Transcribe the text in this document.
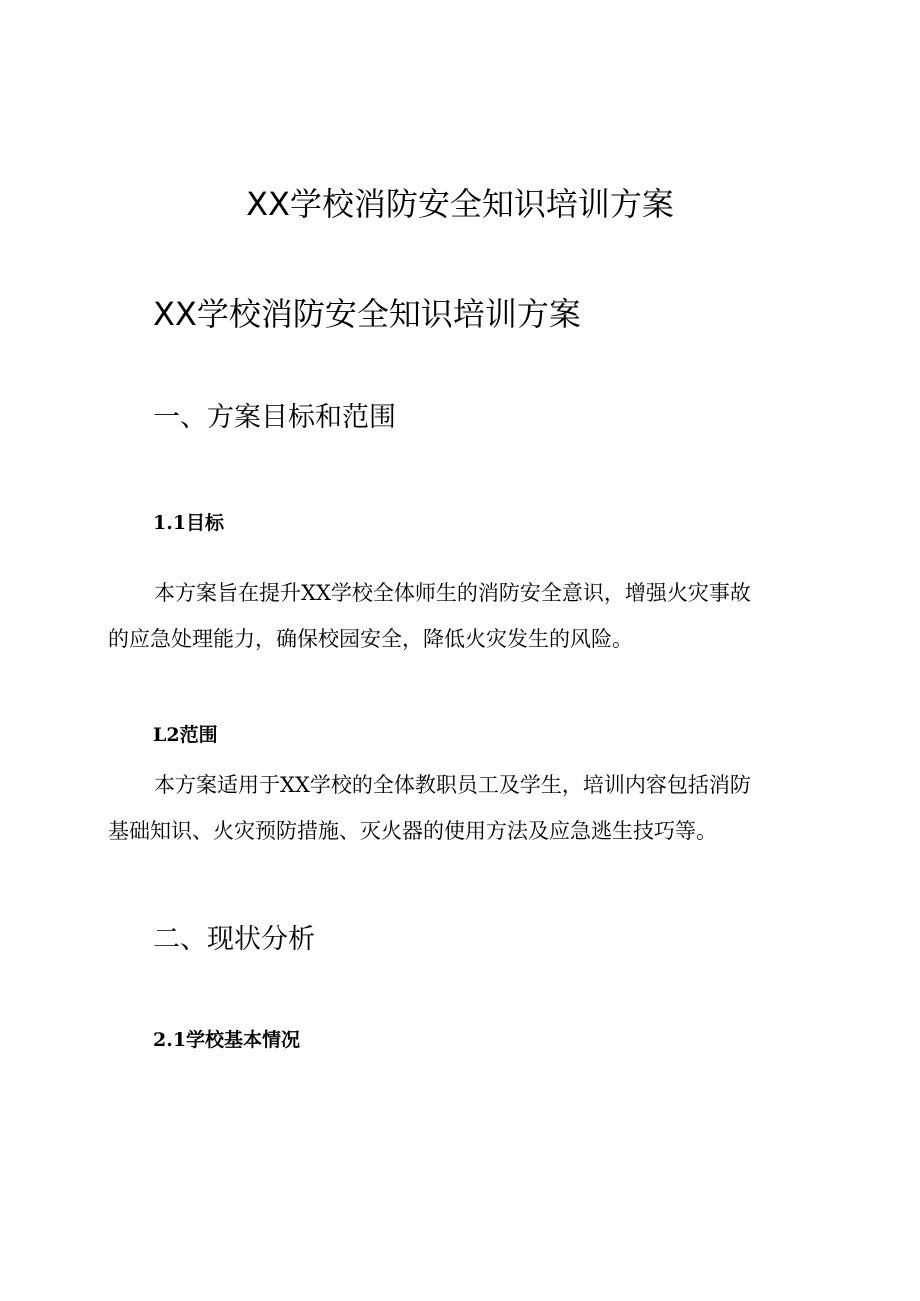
XX学校消防安全知识培训方案
XX学校消防安全知识培训方案
一、方案目标和范围
1.1目标

本方案旨在提升XX学校全体师生的消防安全意识，增强火灾事故
的应急处理能力，确保校园安全，降低火灾发生的风险。

L2范围

本方案适用于XX学校的全体教职员工及学生，培训内容包括消防
基础知识、火灾预防措施、灭火器的使用方法及应急逃生技巧等。

二、现状分析
2.1学校基本情况
